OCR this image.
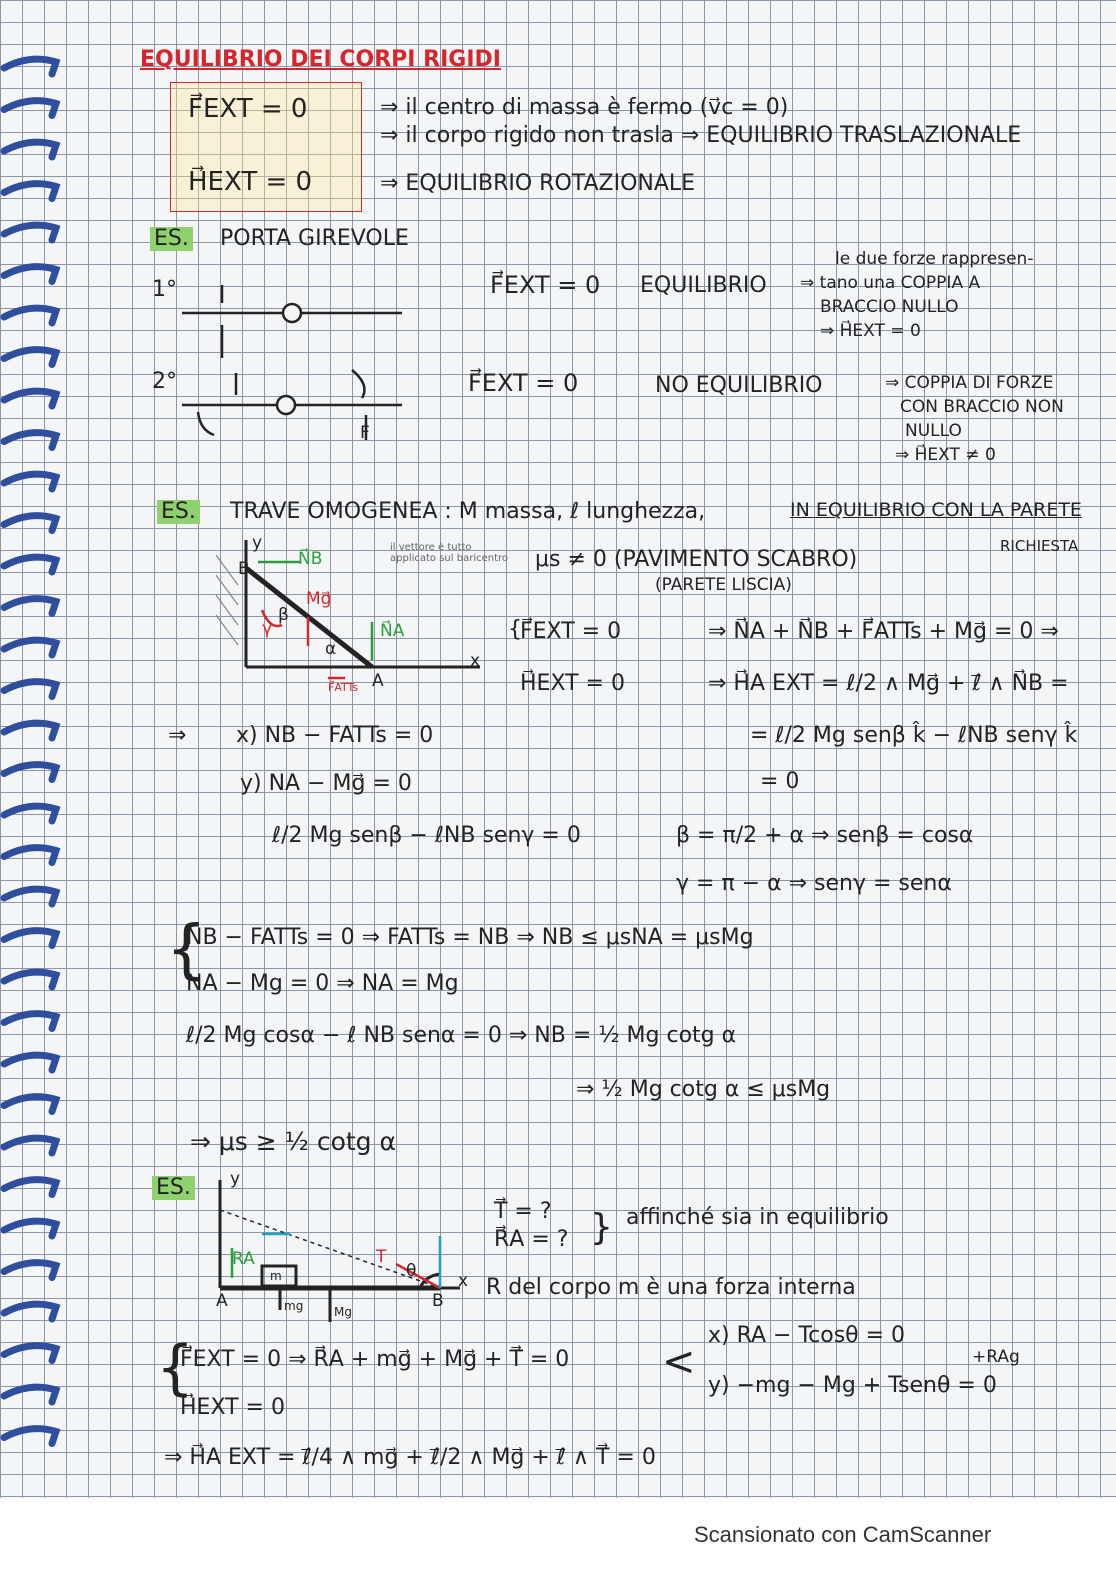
EQUILIBRIO DEI CORPI RIGIDI
F⃗EXT = 0	⇒ il centro di massa è fermo (v⃗c = 0)
⇒ il corpo rigido non trasla ⇒ EQUILIBRIO TRASLAZIONALE
H⃗EXT = 0	⇒ EQUILIBRIO ROTAZIONALE
ES. PORTA GIREVOLE
1°
2°
F⃗EXT = 0 EQUILIBRIO
le due forze rappresen-
⇒ tano una COPPIA A
BRACCIO NULLO
⇒ H⃗EXT = 0
F⃗EXT = 0	NO EQUILIBRIO	⇒ COPPIA DI FORZE
CON BRACCIO NON
NULLO
⇒ H⃗EXT ≠ 0
F
ES. TRAVE OMOGENEA : M massa, ℓ lunghezza,	IN EQUILIBRIO CON LA PARETE
RICHIESTA
il vettore è tutto applicato sul baricentro	μs ≠ 0 (PAVIMENTO SCABRO)
(PARETE LISCIA)
B
A
x
y
N⃗B
N⃗A
Mg⃗
β
α
γ
F⃗ATTs
{
F⃗EXT = 0	⇒ N⃗A + N⃗B + F⃗ATTs + Mg⃗ = 0 ⇒
H⃗EXT = 0	⇒ H⃗A EXT = ℓ/2 ∧ Mg⃗ + ℓ⃗ ∧ N⃗B =
= ℓ/2 Mg senβ k̂ − ℓNB senγ k̂
= 0
⇒ x) NB − FATTs = 0
y) NA − Mg⃗ = 0
ℓ/2 Mg senβ − ℓNB senγ = 0	β = π/2 + α ⇒ senβ = cosα
γ = π − α ⇒ senγ = senα
{
NB − FATTs = 0 ⇒ FATTs = NB ⇒ NB ≤ μsNA = μsMg
NA − Mg = 0 ⇒ NA = Mg
ℓ/2 Mg cosα − ℓ NB senα = 0 ⇒ NB = ½ Mg cotg α
⇒ ½ Mg cotg α ≤ μsMg
⇒ μs ≥ ½ cotg α
ES.
A	B
x
y
m
mg	Mg
RA	T
θ
T⃗ = ?
R⃗A = ? } affinché sia in equilibrio
R del corpo m è una forza interna
{
F⃗EXT = 0 ⇒ R⃗A + mg⃗ + Mg⃗ + T⃗ = 0 <
x) RA − Tcosθ = 0
y) −mg − Mg + Tsenθ = 0
+RAg
H⃗EXT = 0
⇒ H⃗A EXT = ℓ⃗/4 ∧ mg⃗ + ℓ⃗/2 ∧ Mg⃗ + ℓ⃗ ∧ T⃗ = 0
Scansionato con CamScanner
